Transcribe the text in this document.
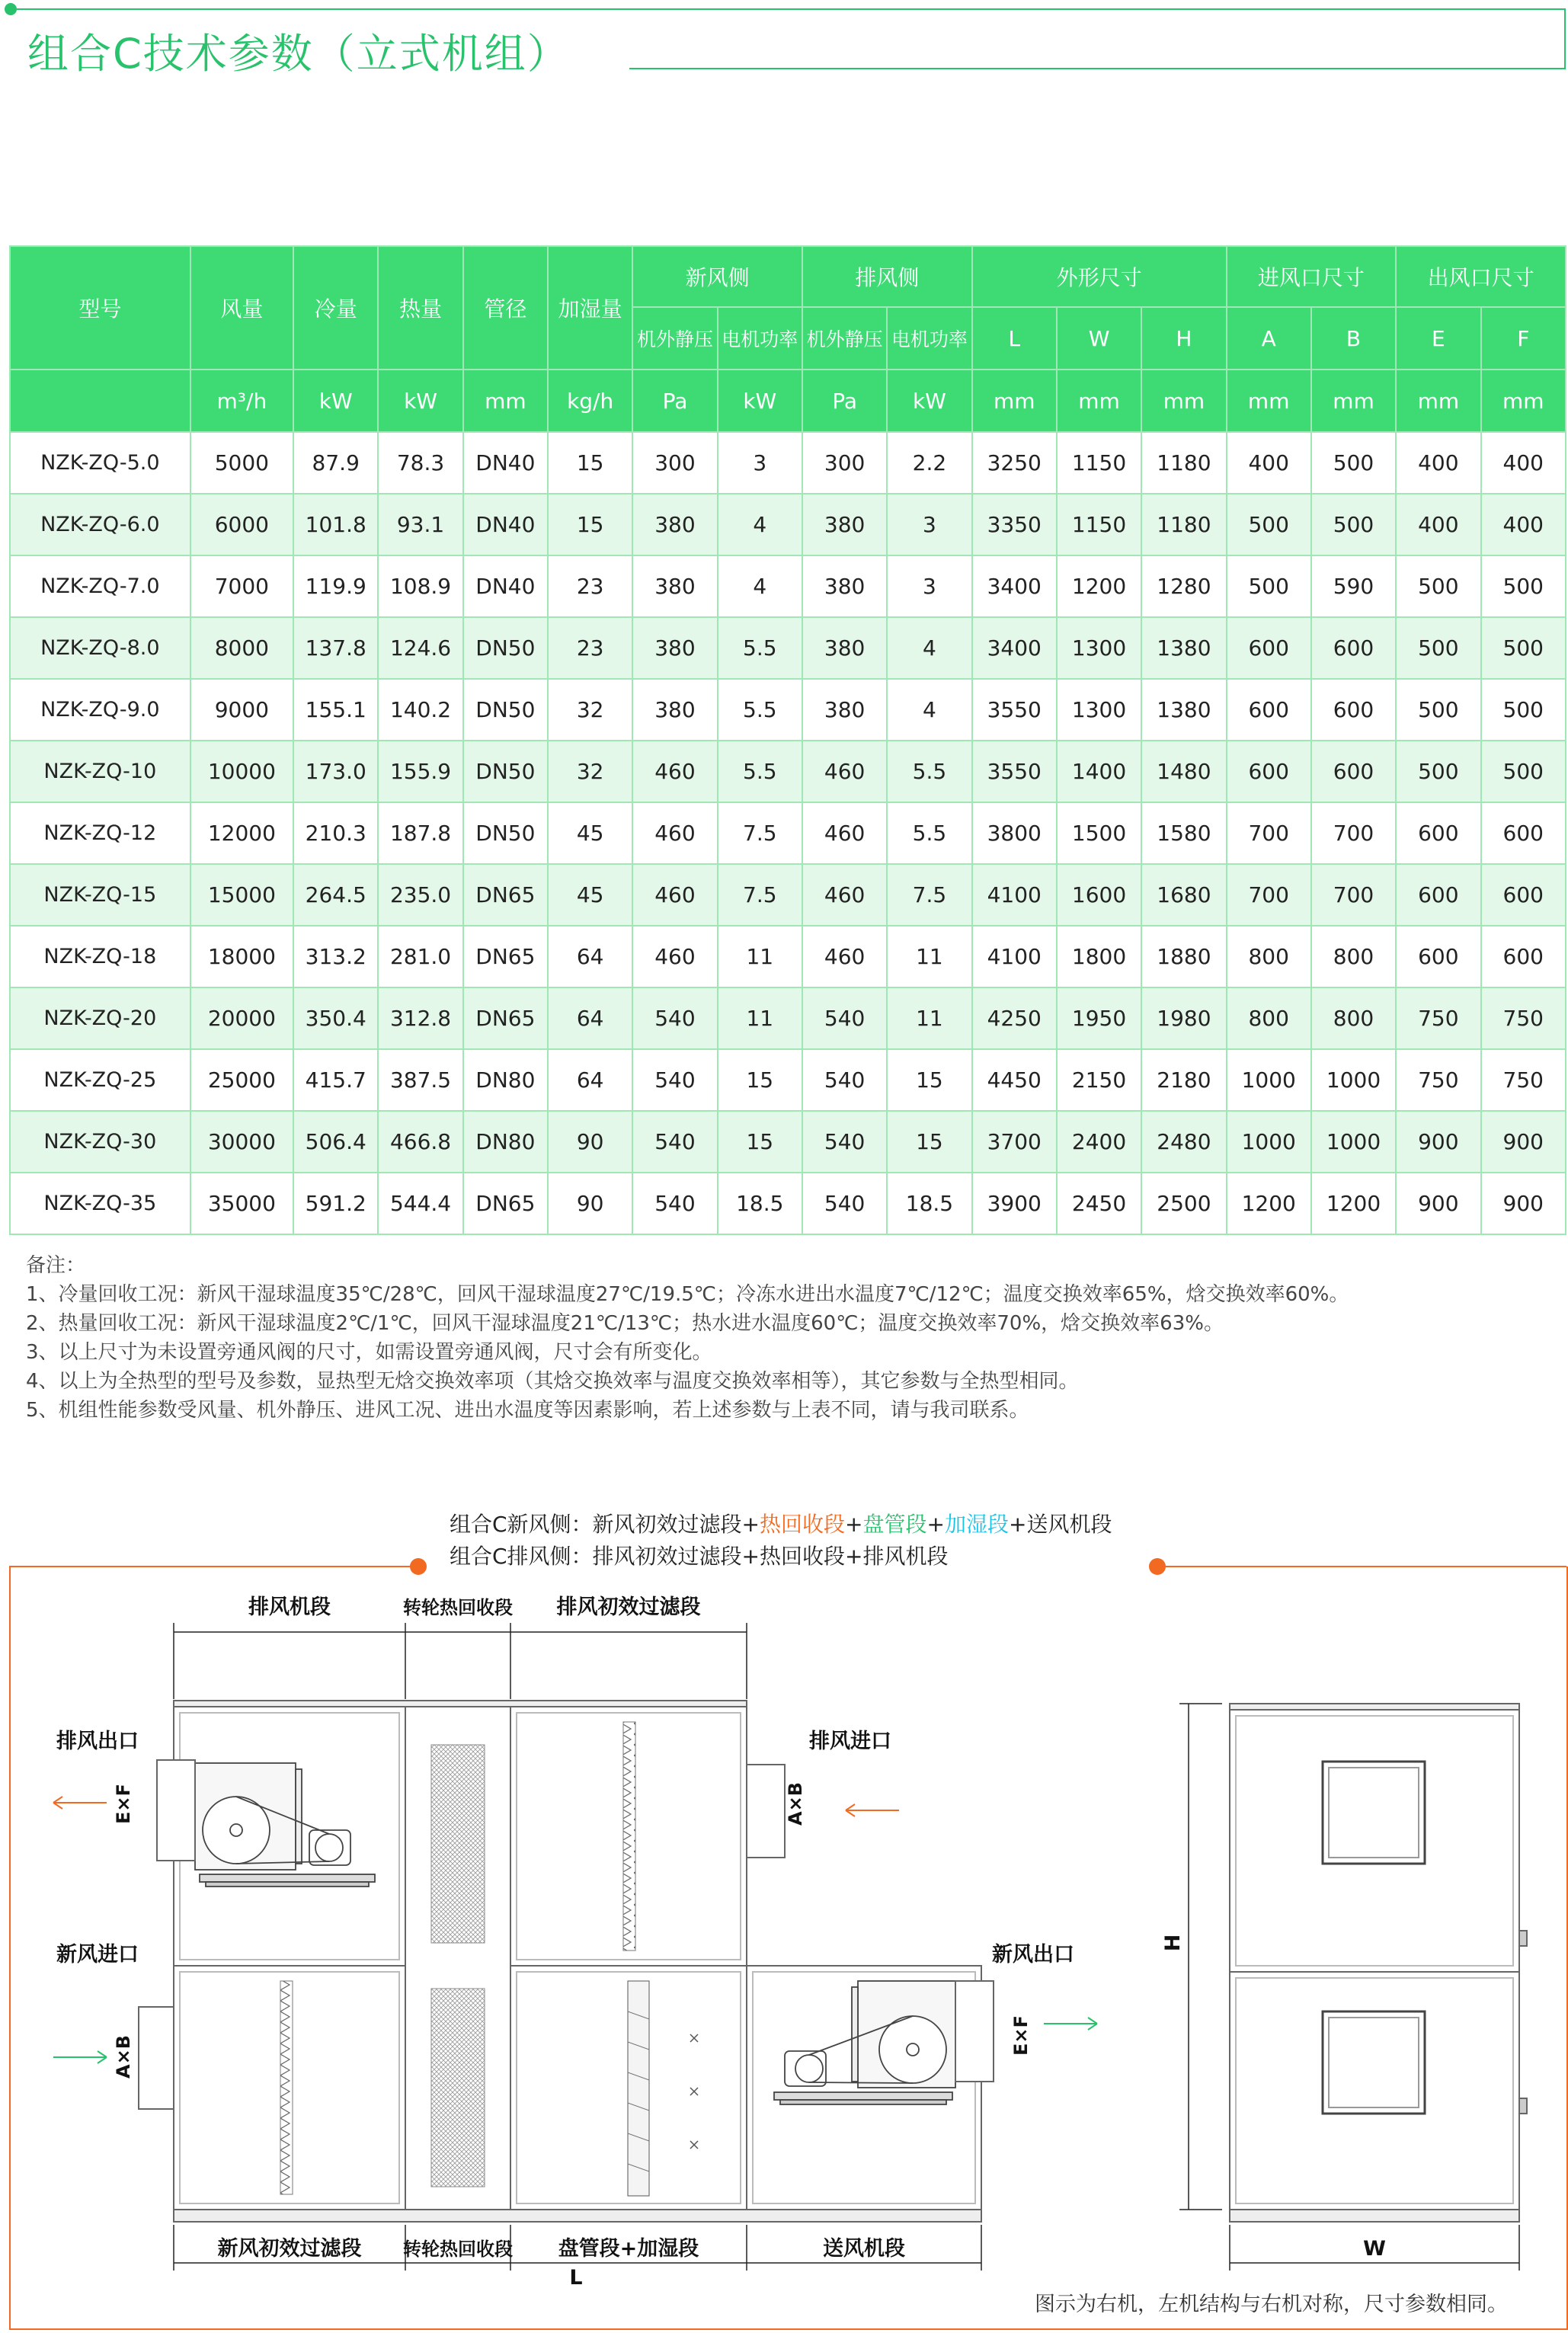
组合C技术参数（立式机组）
型号	风量	冷量	热量	管径	加湿量	新风侧		排风侧		外形尺寸			进风口尺寸		出风口尺寸	
						机外静压	电机功率	机外静压	电机功率	L	W	H	A	B	E	F
	m³/h	kW	kW	mm	kg/h	Pa	kW	Pa	kW	mm	mm	mm	mm	mm	mm	mm
NZK-ZQ-5.0	5000	87.9	78.3	DN40	15	300	3	300	2.2	3250	1150	1180	400	500	400	400
NZK-ZQ-6.0	6000	101.8	93.1	DN40	15	380	4	380	3	3350	1150	1180	500	500	400	400
NZK-ZQ-7.0	7000	119.9	108.9	DN40	23	380	4	380	3	3400	1200	1280	500	590	500	500
NZK-ZQ-8.0	8000	137.8	124.6	DN50	23	380	5.5	380	4	3400	1300	1380	600	600	500	500
NZK-ZQ-9.0	9000	155.1	140.2	DN50	32	380	5.5	380	4	3550	1300	1380	600	600	500	500
NZK-ZQ-10	10000	173.0	155.9	DN50	32	460	5.5	460	5.5	3550	1400	1480	600	600	500	500
NZK-ZQ-12	12000	210.3	187.8	DN50	45	460	7.5	460	5.5	3800	1500	1580	700	700	600	600
NZK-ZQ-15	15000	264.5	235.0	DN65	45	460	7.5	460	7.5	4100	1600	1680	700	700	600	600
NZK-ZQ-18	18000	313.2	281.0	DN65	64	460	11	460	11	4100	1800	1880	800	800	600	600
NZK-ZQ-20	20000	350.4	312.8	DN65	64	540	11	540	11	4250	1950	1980	800	800	750	750
NZK-ZQ-25	25000	415.7	387.5	DN80	64	540	15	540	15	4450	2150	2180	1000	1000	750	750
NZK-ZQ-30	30000	506.4	466.8	DN80	90	540	15	540	15	3700	2400	2480	1000	1000	900	900
NZK-ZQ-35	35000	591.2	544.4	DN65	90	540	18.5	540	18.5	3900	2450	2500	1200	1200	900	900
备注：
1、冷量回收工况：新风干湿球温度35℃/28℃，回风干湿球温度27℃/19.5℃；冷冻水进出水温度7℃/12℃；温度交换效率65%，焓交换效率60%。
2、热量回收工况：新风干湿球温度2℃/1℃，回风干湿球温度21℃/13℃；热水进水温度60℃；温度交换效率70%，焓交换效率63%。
3、以上尺寸为未设置旁通风阀的尺寸，如需设置旁通风阀，尺寸会有所变化。
4、以上为全热型的型号及参数，显热型无焓交换效率项（其焓交换效率与温度交换效率相等），其它参数与全热型相同。
5、机组性能参数受风量、机外静压、进风工况、进出水温度等因素影响，若上述参数与上表不同，请与我司联系。
组合C新风侧：新风初效过滤段+热回收段+盘管段+加湿段+送风机段
组合C排风侧：排风初效过滤段+热回收段+排风机段
排风机段	转轮热回收段 排风初效过滤段
排风出口	排风进口
新风进口	新风出口
E×F	A×B
A×B	E×F
新风初效过滤段 转轮热回收段 盘管段+加湿段	送风机段
L
H
W
图示为右机，左机结构与右机对称，尺寸参数相同。
